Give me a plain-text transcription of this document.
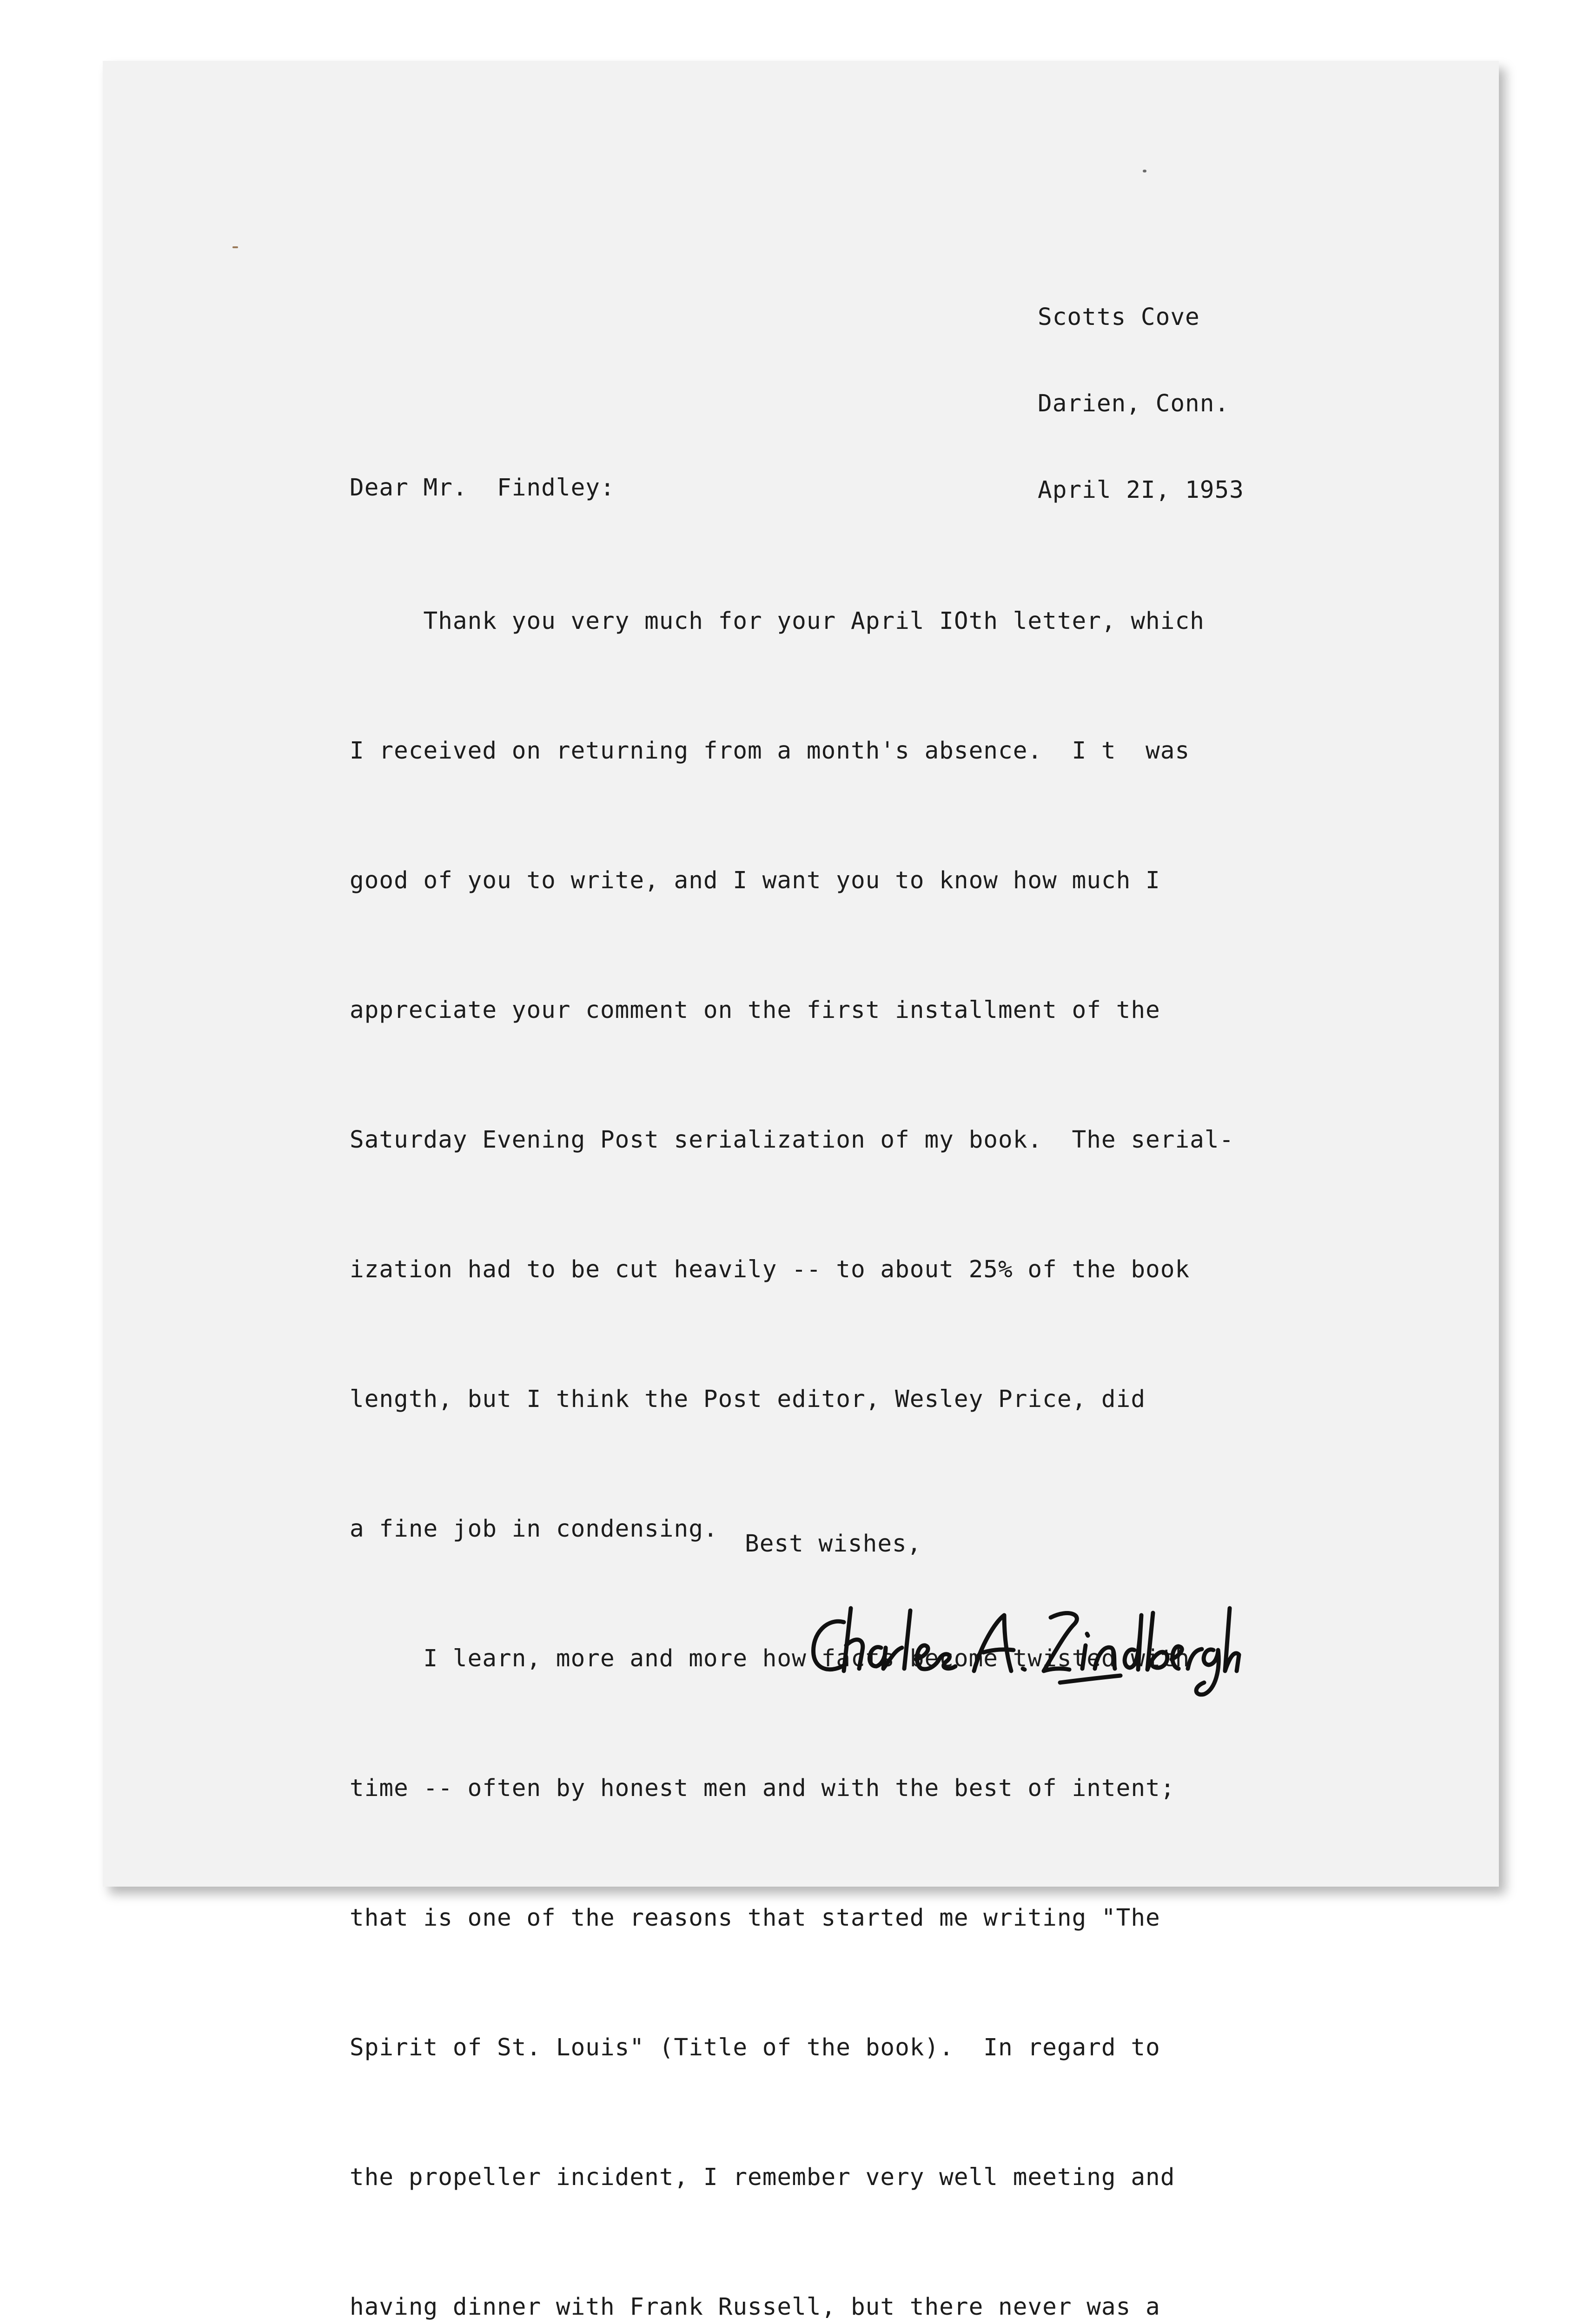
Scotts Cove

Darien, Conn.

April 2I, 1953

Dear Mr.  Findley:

Thank you very much for your April IOth letter, which

I received on returning from a month's absence.  I t  was

good of you to write, and I want you to know how much I

appreciate your comment on the first installment of the

Saturday Evening Post serialization of my book.  The serial-

ization had to be cut heavily -- to about 25% of the book

length, but I think the Post editor, Wesley Price, did

a fine job in condensing.

I learn, more and more how facts become twisted with

time -- often by honest men and with the best of intent;

that is one of the reasons that started me writing "The

Spirit of St. Louis" (Title of the book).  In regard to

the propeller incident, I remember very well meeting and

having dinner with Frank Russell, but there never was a

Best wishes,
